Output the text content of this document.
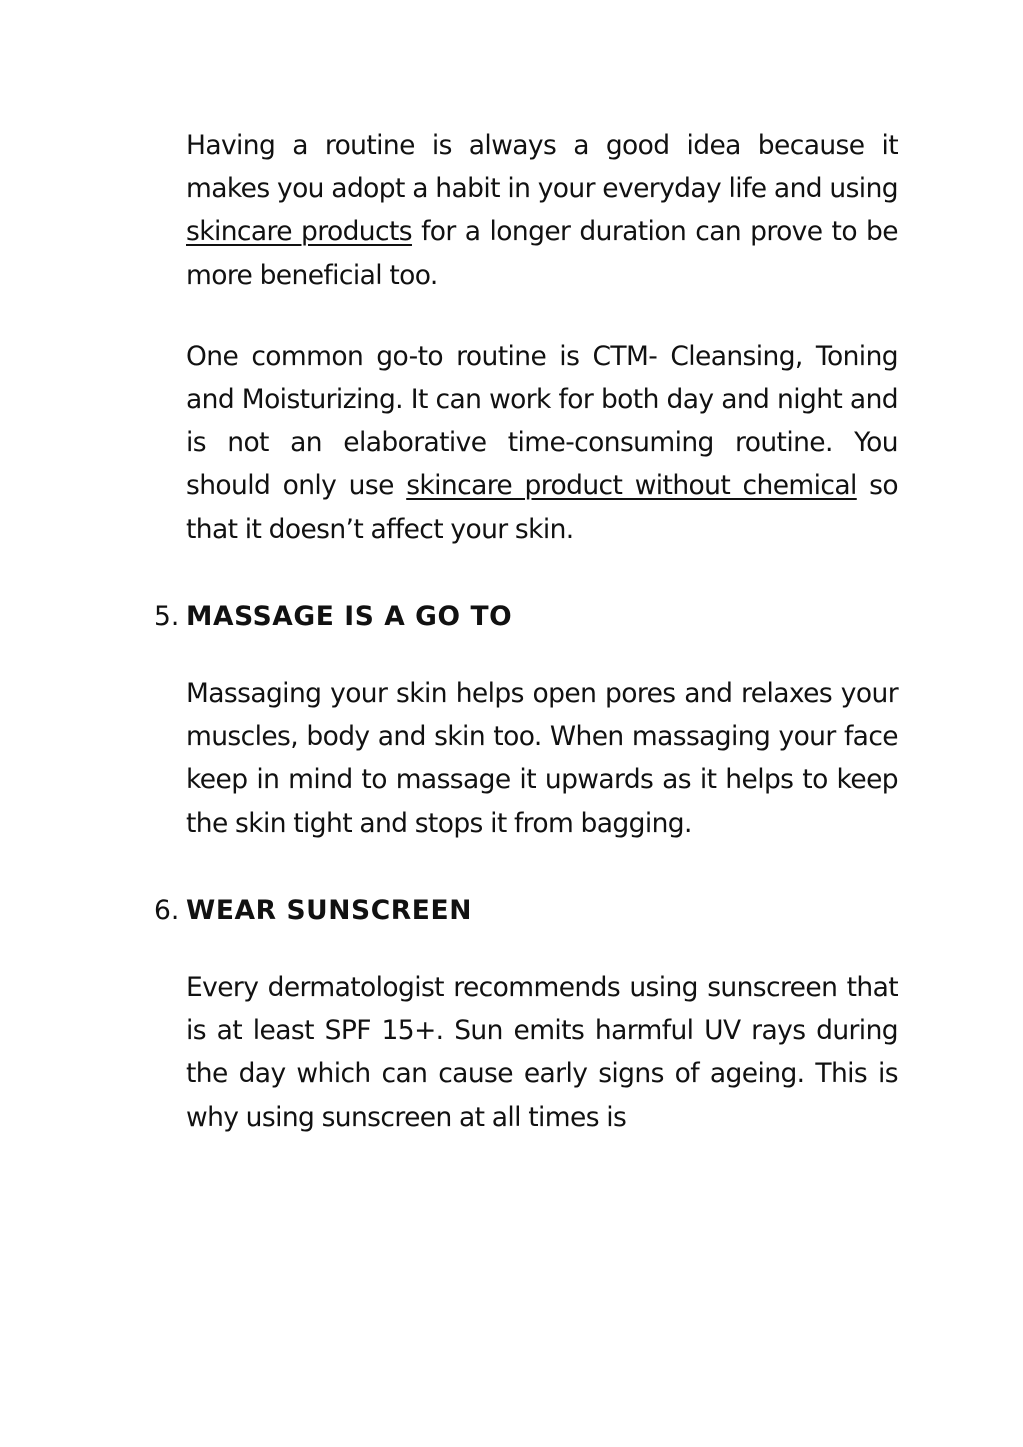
Having a routine is always a good idea because it makes you adopt a habit in your everyday life and using skincare products for a longer duration can prove to be more beneficial too.

One common go-to routine is CTM- Cleansing, Toning and Moisturizing. It can work for both day and night and is not an elaborative time-consuming routine. You should only use skincare product without chemical so that it doesn’t affect your skin.

5. MASSAGE IS A GO TO

Massaging your skin helps open pores and relaxes your muscles, body and skin too. When massaging your face keep in mind to massage it upwards as it helps to keep the skin tight and stops it from bagging.

6. WEAR SUNSCREEN

Every dermatologist recommends using sunscreen that is at least SPF 15+. Sun emits harmful UV rays during the day which can cause early signs of ageing. This is why using sunscreen at all times is
